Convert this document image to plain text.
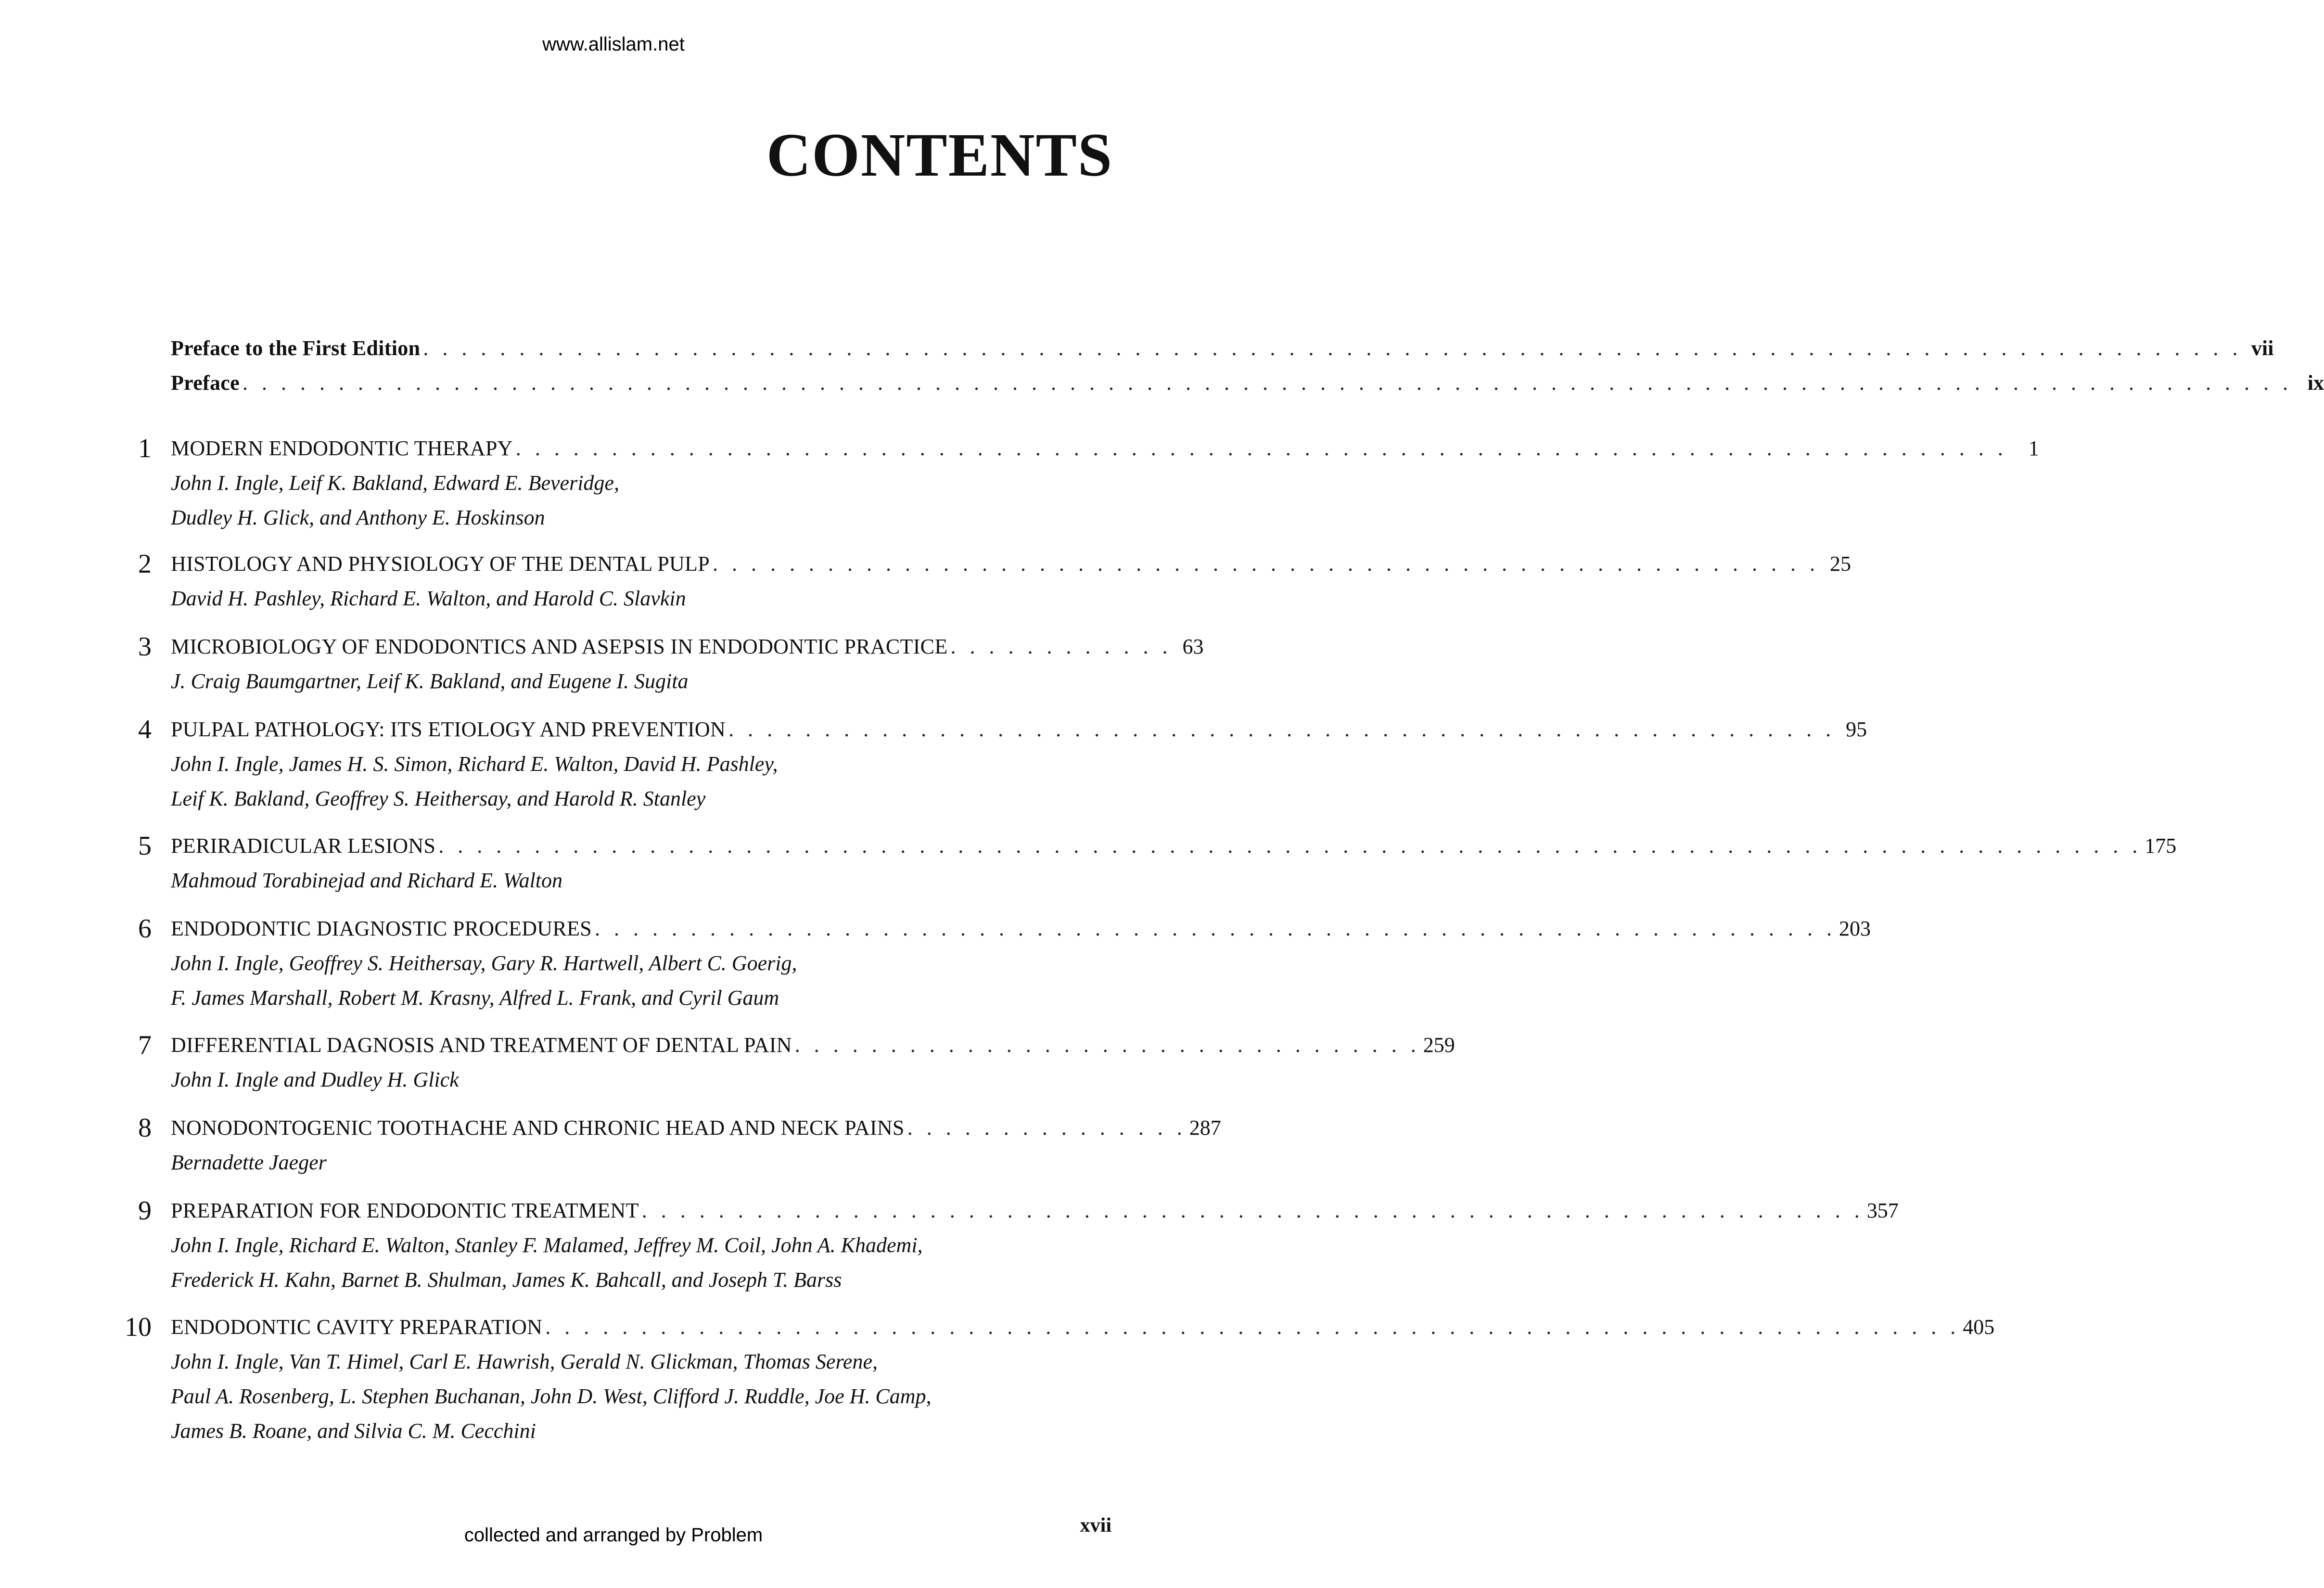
www.allislam.net
CONTENTS
Preface to the First Edition . . . . . . . . . . . . . . . . . . . . . . . . . . . . . . . . . . . . . . . . . . . . . . . . . . . . . . . . . . . . . . . . . . . . . . . . . . . . . . . . . . . . . . . . . . . . . . . vii
Preface . . . . . . . . . . . . . . . . . . . . . . . . . . . . . . . . . . . . . . . . . . . . . . . . . . . . . . . . . . . . . . . . . . . . . . . . . . . . . . . . . . . . . . . . . . . . . . . . . . . . . . . . . . . ix
1 MODERN ENDODONTIC THERAPY . . . . . . . . . . . . . . . . . . . . . . . . . . . . . . . . . . . . . . . . . . . . . . . . . . . . . . . . . . . . . . . . . . . . . . . . . . . . . .	1
John I. Ingle, Leif K. Bakland, Edward E. Beveridge,
Dudley H. Glick, and Anthony E. Hoskinson
2 HISTOLOGY AND PHYSIOLOGY OF THE DENTAL PULP . . . . . . . . . . . . . . . . . . . . . . . . . . . . . . . . . . . . . . . . . . . . . . . . . . . . . . . . . . 25
David H. Pashley, Richard E. Walton, and Harold C. Slavkin
3 MICROBIOLOGY OF ENDODONTICS AND ASEPSIS IN ENDODONTIC PRACTICE . . . . . . . . . . . . 63
J. Craig Baumgartner, Leif K. Bakland, and Eugene I. Sugita
4 PULPAL PATHOLOGY: ITS ETIOLOGY AND PREVENTION . . . . . . . . . . . . . . . . . . . . . . . . . . . . . . . . . . . . . . . . . . . . . . . . . . . . . . . . . . 95
John I. Ingle, James H. S. Simon, Richard E. Walton, David H. Pashley,
Leif K. Bakland, Geoffrey S. Heithersay, and Harold R. Stanley
5 PERIRADICULAR LESIONS . . . . . . . . . . . . . . . . . . . . . . . . . . . . . . . . . . . . . . . . . . . . . . . . . . . . . . . . . . . . . . . . . . . . . . . . . . . . . . . . . . . . . . . . . 175
Mahmoud Torabinejad and Richard E. Walton
6 ENDODONTIC DIAGNOSTIC PROCEDURES . . . . . . . . . . . . . . . . . . . . . . . . . . . . . . . . . . . . . . . . . . . . . . . . . . . . . . . . . . . . . . . . . 203
John I. Ingle, Geoffrey S. Heithersay, Gary R. Hartwell, Albert C. Goerig,
F. James Marshall, Robert M. Krasny, Alfred L. Frank, and Cyril Gaum
7 DIFFERENTIAL DAGNOSIS AND TREATMENT OF DENTAL PAIN . . . . . . . . . . . . . . . . . . . . . . . . . . . . . . . . . 259
John I. Ingle and Dudley H. Glick
8 NONODONTOGENIC TOOTHACHE AND CHRONIC HEAD AND NECK PAINS . . . . . . . . . . . . . . . 287
Bernadette Jaeger
9 PREPARATION FOR ENDODONTIC TREATMENT . . . . . . . . . . . . . . . . . . . . . . . . . . . . . . . . . . . . . . . . . . . . . . . . . . . . . . . . . . . . . . . . 357
John I. Ingle, Richard E. Walton, Stanley F. Malamed, Jeffrey M. Coil, John A. Khademi,
Frederick H. Kahn, Barnet B. Shulman, James K. Bahcall, and Joseph T. Barss
10 ENDODONTIC CAVITY PREPARATION . . . . . . . . . . . . . . . . . . . . . . . . . . . . . . . . . . . . . . . . . . . . . . . . . . . . . . . . . . . . . . . . . . . . . . . . . . 405
John I. Ingle, Van T. Himel, Carl E. Hawrish, Gerald N. Glickman, Thomas Serene,
Paul A. Rosenberg, L. Stephen Buchanan, John D. West, Clifford J. Ruddle, Joe H. Camp,
James B. Roane, and Silvia C. M. Cecchini
xvii
collected and arranged by Problem
